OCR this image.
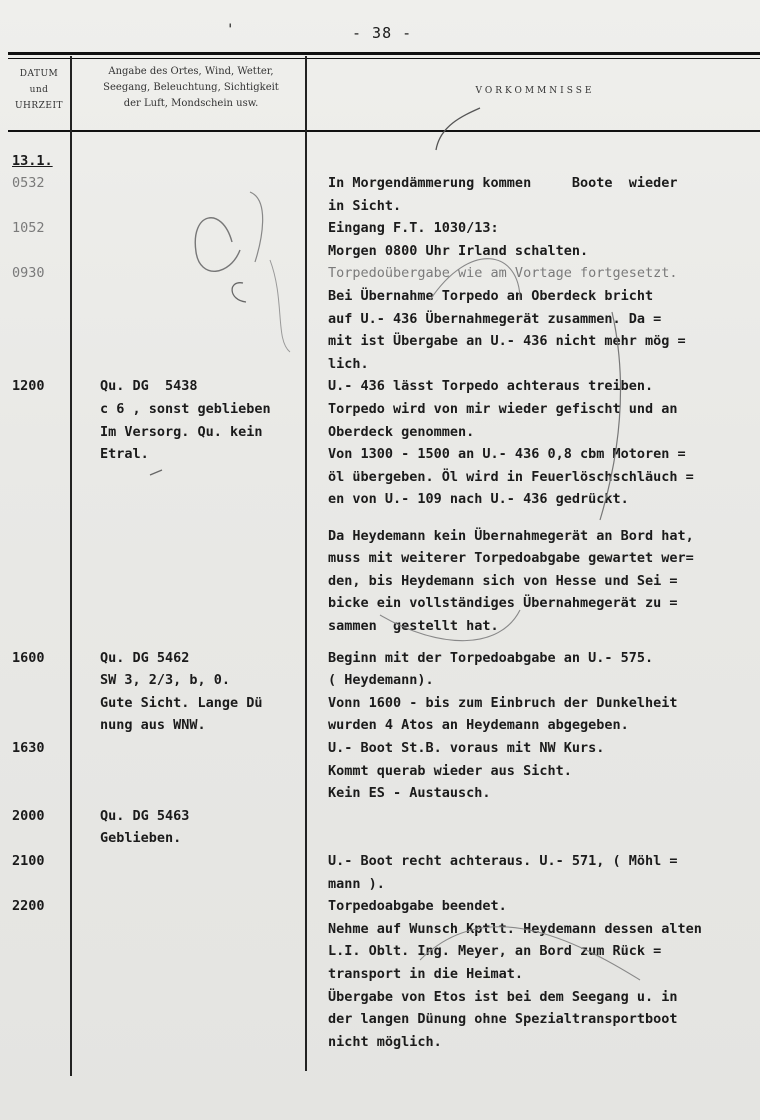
'	- 38 -
DATUM
und
UHRZEIT
Angabe des Ortes, Wind, Wetter,
Seegang, Beleuchtung, Sichtigkeit
der Luft, Mondschein usw.
VORKOMMNISSE
13.1.
0532
1052
0930
1200
1600
1630
2000
2100
2200
Qu. DG  5438
c 6 , sonst geblieben
Im Versorg. Qu. kein
Etral.
Qu. DG 5462
SW 3, 2/3, b, 0.
Gute Sicht. Lange Dü
nung aus WNW.
Qu. DG 5463
Geblieben.
In Morgendämmerung kommen     Boote  wieder
in Sicht.
Eingang F.T. 1030/13:
Morgen 0800 Uhr Irland schalten.
Torpedoübergabe wie am Vortage fortgesetzt.
Bei Übernahme Torpedo an Oberdeck bricht
auf U.- 436 Übernahmegerät zusammen. Da =
mit ist Übergabe an U.- 436 nicht mehr mög =
lich.
U.- 436 lässt Torpedo achteraus treiben.
Torpedo wird von mir wieder gefischt und an
Oberdeck genommen.
Von 1300 - 1500 an U.- 436 0,8 cbm Motoren =
öl übergeben. Öl wird in Feuerlöschschläuch =
en von U.- 109 nach U.- 436 gedrückt.
Da Heydemann kein Übernahmegerät an Bord hat,
muss mit weiterer Torpedoabgabe gewartet wer=
den, bis Heydemann sich von Hesse und Sei =
bicke ein vollständiges Übernahmegerät zu =
sammen  gestellt hat.
Beginn mit der Torpedoabgabe an U.- 575.
( Heydemann).
Vonn 1600 - bis zum Einbruch der Dunkelheit
wurden 4 Atos an Heydemann abgegeben.
U.- Boot St.B. voraus mit NW Kurs.
Kommt querab wieder aus Sicht.
Kein ES - Austausch.
U.- Boot recht achteraus. U.- 571, ( Möhl =
mann ).
Torpedoabgabe beendet.
Nehme auf Wunsch Kptlt. Heydemann dessen alten
L.I. Oblt. Ing. Meyer, an Bord zum Rück =
transport in die Heimat.
Übergabe von Etos ist bei dem Seegang u. in
der langen Dünung ohne Spezialtransportboot
nicht möglich.
